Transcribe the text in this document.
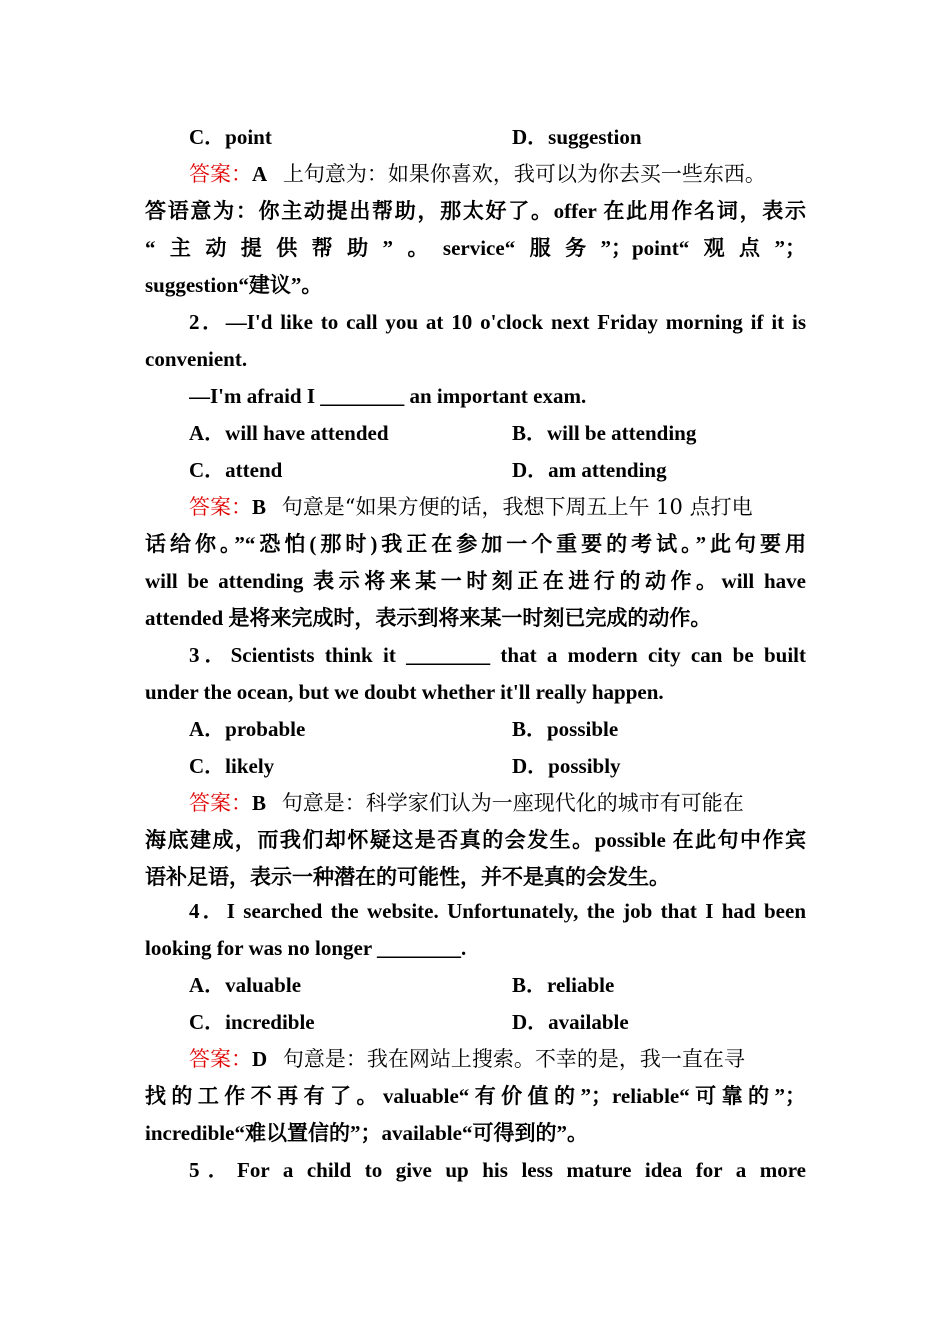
C．point	D．suggestion
答案：A 上句意为：如果你喜欢，我可以为你去买一些东西。
答语意为：你主动提出帮助，那太好了。offer 在此用作名词，表示
“主动提供帮助”。service“服务”；point“观点”；
suggestion“建议”。
2．—I'd like to call you at 10 o'clock next Friday morning if it is
convenient.
—I'm afraid I ________ an important exam.
A．will have attended	B．will be attending
C．attend	D．am attending
答案：B 句意是“如果方便的话，我想下周五上午 10 点打电
话给你。”“恐怕(那时)我正在参加一个重要的考试。”此句要用
will be attending 表示将来某一时刻正在进行的动作。will have
attended 是将来完成时，表示到将来某一时刻已完成的动作。
3．Scientists think it ________ that a modern city can be built
under the ocean, but we doubt whether it'll really happen.
A．probable	B．possible
C．likely	D．possibly
答案：B 句意是：科学家们认为一座现代化的城市有可能在
海底建成，而我们却怀疑这是否真的会发生。possible 在此句中作宾
语补足语，表示一种潜在的可能性，并不是真的会发生。
4．I searched the website. Unfortunately, the job that I had been
looking for was no longer ________.
A．valuable	B．reliable
C．incredible	D．available
答案：D 句意是：我在网站上搜索。不幸的是，我一直在寻
找的工作不再有了。valuable“有价值的”；reliable“可靠的”；
incredible“难以置信的”；available“可得到的”。
5．For a child to give up his less mature idea for a more
